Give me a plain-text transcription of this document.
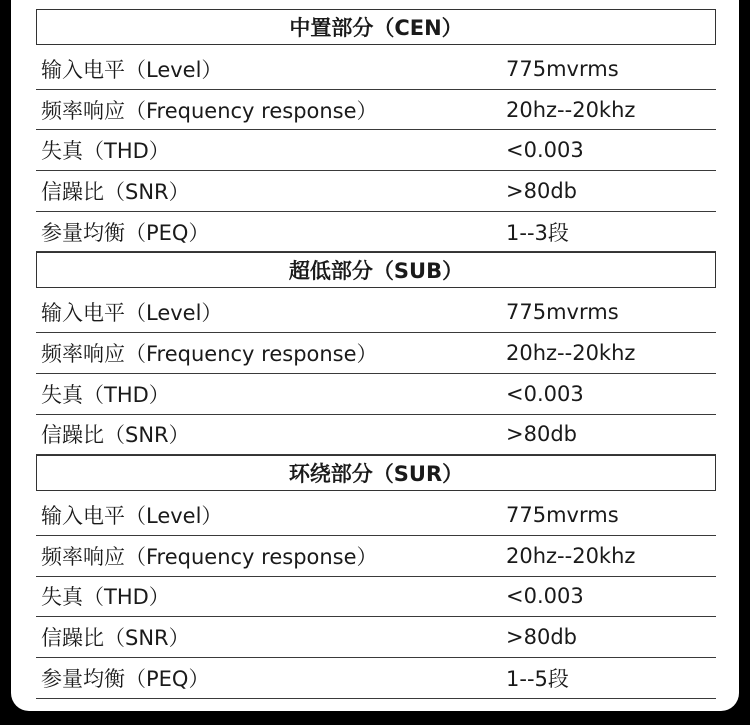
中置部分（CEN）
输入电平（Level）	775mvrms
频率响应（Frequency response）	20hz--20khz
失真（THD）	<0.003
信躁比（SNR）	>80db
参量均衡（PEQ）	1--3段
超低部分（SUB）
输入电平（Level）	775mvrms
频率响应（Frequency response）	20hz--20khz
失真（THD）	<0.003
信躁比（SNR）	>80db
环绕部分（SUR）
输入电平（Level）	775mvrms
频率响应（Frequency response）	20hz--20khz
失真（THD）	<0.003
信躁比（SNR）	>80db
参量均衡（PEQ）	1--5段
